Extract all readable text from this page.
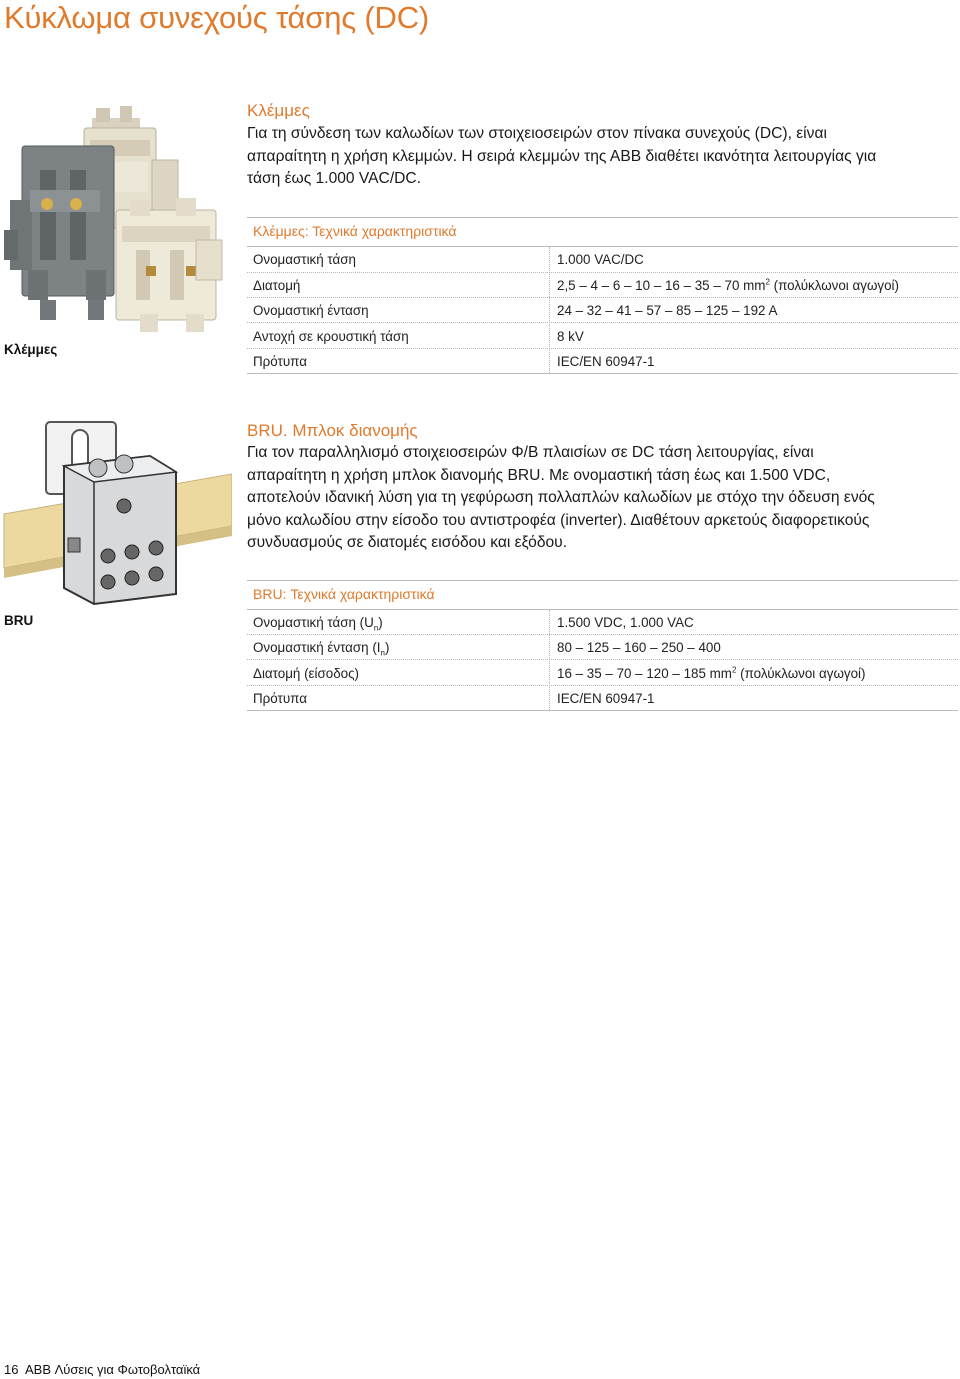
Κύκλωμα συνεχούς τάσης (DC)
Κλέμμες
Κλέμμες
Για τη σύνδεση των καλωδίων των στοιχειοσειρών στον πίνακα συνεχούς (DC), είναι
απαραίτητη η χρήση κλεμμών. Η σειρά κλεμμών της ΑΒΒ διαθέτει ικανότητα λειτουργίας για
τάση έως 1.000 VAC/DC.
Κλέμμες: Τεχνικά χαρακτηριστικά
Ονομαστική τάση	1.000 VAC/DC
Διατομή	2,5 – 4 – 6 – 10 – 16 – 35 – 70 $mm^2$ (πολύκλωνοι αγωγοί)
Ονομαστική ένταση	24 – 32 – 41 – 57 – 85 – 125 – 192 A
Αντοχή σε κρουστική τάση	8 kV
Πρότυπα	IEC/EN 60947-1
BRU
BRU. Μπλοκ διανομής
Για τον παραλληλισμό στοιχειοσειρών Φ/Β πλαισίων σε DC τάση λειτουργίας, είναι
απαραίτητη η χρήση μπλοκ διανομής BRU. Με ονομαστική τάση έως και 1.500 VDC,
αποτελούν ιδανική λύση για τη γεφύρωση πολλαπλών καλωδίων με στόχο την όδευση ενός
μόνο καλωδίου στην είσοδο του αντιστροφέα (inverter). Διαθέτουν αρκετούς διαφορετικούς
συνδυασμούς σε διατομές εισόδου και εξόδου.
BRU: Τεχνικά χαρακτηριστικά
Ονομαστική τάση $(U_n)$	1.500 VDC, 1.000 VAC
Ονομαστική ένταση $(I_n)$	80 – 125 – 160 – 250 – 400
Διατομή (είσοδος)	16 – 35 – 70 – 120 – 185 $mm^2$ (πολύκλωνοι αγωγοί)
Πρότυπα	IEC/EN 60947-1
16 ABB Λύσεις για Φωτοβολταϊκά
